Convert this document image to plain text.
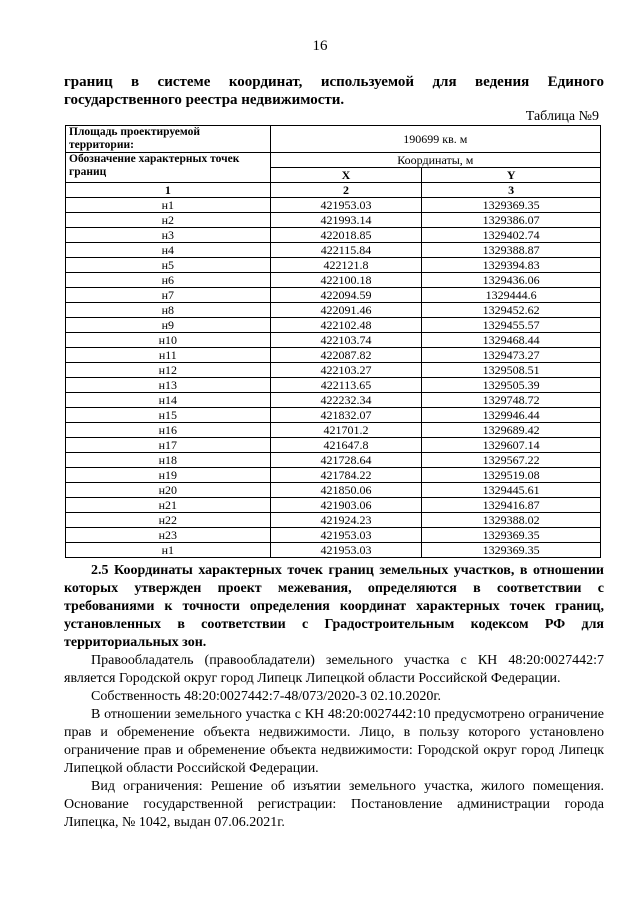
16
границ в системе координат, используемой для ведения Единого
государственного реестра недвижимости.
Таблица №9
Площадь проектируемой территории:	190699 кв. м	
Обозначение характерных точек границ	Координаты, м	
	X	Y
1	2	3
н1	421953.03	1329369.35
н2	421993.14	1329386.07
н3	422018.85	1329402.74
н4	422115.84	1329388.87
н5	422121.8	1329394.83
н6	422100.18	1329436.06
н7	422094.59	1329444.6
н8	422091.46	1329452.62
н9	422102.48	1329455.57
н10	422103.74	1329468.44
н11	422087.82	1329473.27
н12	422103.27	1329508.51
н13	422113.65	1329505.39
н14	422232.34	1329748.72
н15	421832.07	1329946.44
н16	421701.2	1329689.42
н17	421647.8	1329607.14
н18	421728.64	1329567.22
н19	421784.22	1329519.08
н20	421850.06	1329445.61
н21	421903.06	1329416.87
н22	421924.23	1329388.02
н23	421953.03	1329369.35
н1	421953.03	1329369.35

2.5 Координаты характерных точек границ земельных участков, в отношении которых утвержден проект межевания, определяются в соответствии с требованиями к точности определения координат характерных точек границ, установленных в соответствии с Градостроительным кодексом РФ для территориальных зон.

Правообладатель (правообладатели) земельного участка с КН 48:20:0027442:7 является Городской округ город Липецк Липецкой области Российской Федерации.

Собственность 48:20:0027442:7-48/073/2020-3 02.10.2020г.

В отношении земельного участка с КН 48:20:0027442:10 предусмотрено ограничение прав и обременение объекта недвижимости. Лицо, в пользу которого установлено ограничение прав и обременение объекта недвижимости: Городской округ город Липецк Липецкой области Российской Федерации.

Вид ограничения: Решение об изъятии земельного участка, жилого помещения. Основание государственной регистрации: Постановление администрации города Липецка, № 1042, выдан 07.06.2021г.
